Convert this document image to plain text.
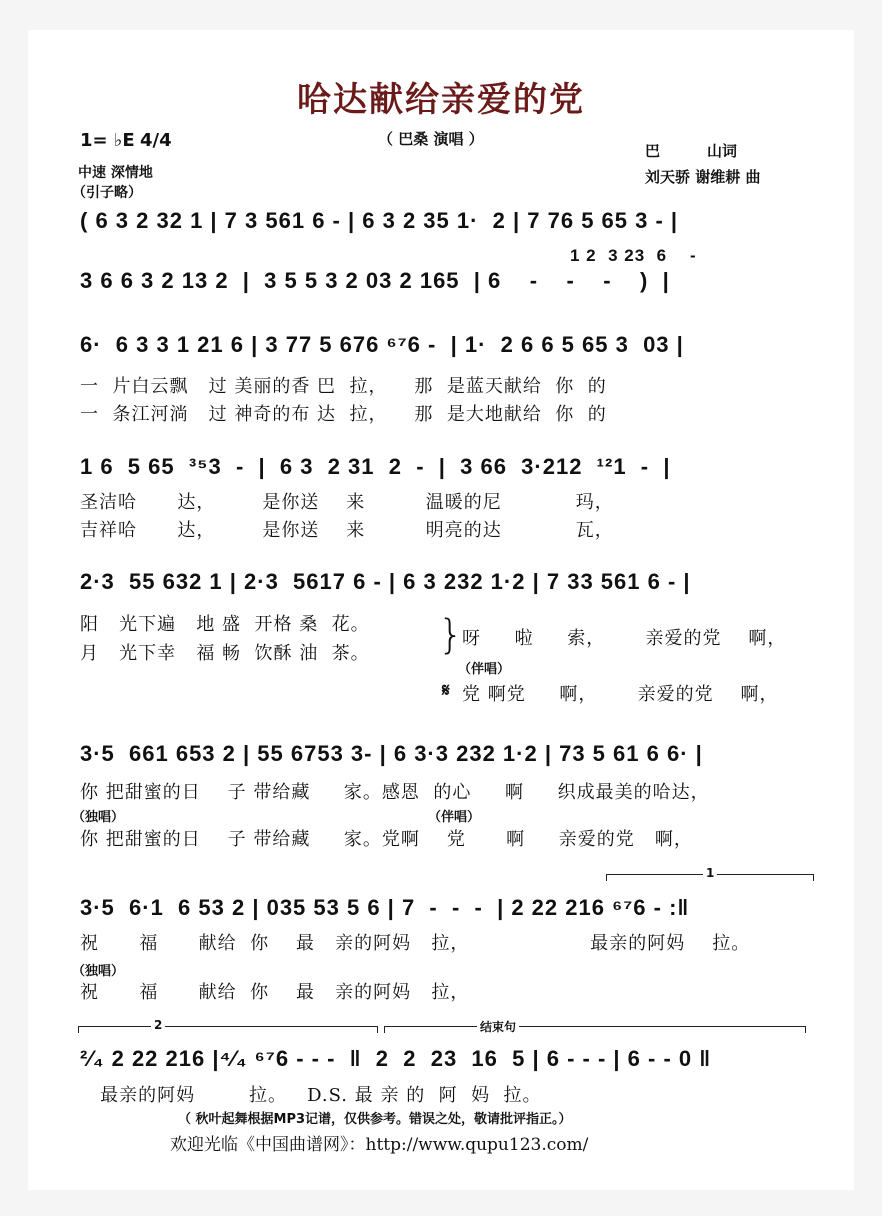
哈达献给亲爱的党
（ 巴桑 演唱 ）
1= ♭E 4/4
中速 深情地
（引子略）
巴         山词
刘天骄 谢维耕 曲
( 6 3 2 32 1 | 7 3 561 6 - | 6 3 2 35 1·  2 | 7 76 5 65 3 - |
1 2  3 23  6    -
3 6 6 3 2 13 2  |  3 5 5 3 2 03 2 165  | 6    -    -    -    )  |
6·  6 3 3 1 21 6 | 3 77 5 676 ⁶⁷6 -  | 1·  2 6 6 5 65 3  03 |
一  片白云飘   过 美丽的香 巴  拉，    那  是蓝天献给  你  的
一  条江河淌   过 神奇的布 达  拉，    那  是大地献给  你  的
1 6  5 65  ³⁵3  -  |  6 3  2 31  2  -  |  3 66  3·212  ¹²1  -  |
圣洁哈      达，       是你送    来         温暖的尼           玛，
吉祥哈      达，       是你送    来         明亮的达           瓦，
2·3  55 632 1 | 2·3  5617 6 - | 6 3 232 1·2 | 7 33 561 6 - |
阳   光下遍   地 盛  开格 桑  花。
月   光下幸   福 畅  饮酥 油  茶。 }
呀     啦     索，      亲爱的党    啊，
（伴唱）
𝄋 党 啊党     啊，      亲爱的党    啊，
3·5  661 653 2 | 55 6753 3- | 6 3·3 232 1·2 | 73 5 61 6 6· |
你 把甜蜜的日    子 带给藏     家。感恩  的心     啊     织成最美的哈达，
（独唱）	（伴唱）
你 把甜蜜的日    子 带给藏     家。党啊    党      啊     亲爱的党   啊，
1
3·5  6·1  6 53 2 | 035 53 5 6 | 7  -  -  -  | 2 22 216 ⁶⁷6 - :‖
祝      福      献给  你    最   亲的阿妈   拉，                  最亲的阿妈    拉。
（独唱）
祝      福      献给  你    最   亲的阿妈   拉，
2	结束句
²⁄₄ 2 22 216 |⁴⁄₄ ⁶⁷6 - - -  ‖  2  2  23  16  5 | 6 - - - | 6 - - 0 ‖
最亲的阿妈        拉。   D.S. 最 亲 的  阿  妈  拉。
（ 秋叶起舞根据MP3记谱，仅供参考。错误之处，敬请批评指正。）
欢迎光临《中国曲谱网》：http://www.qupu123.com/
